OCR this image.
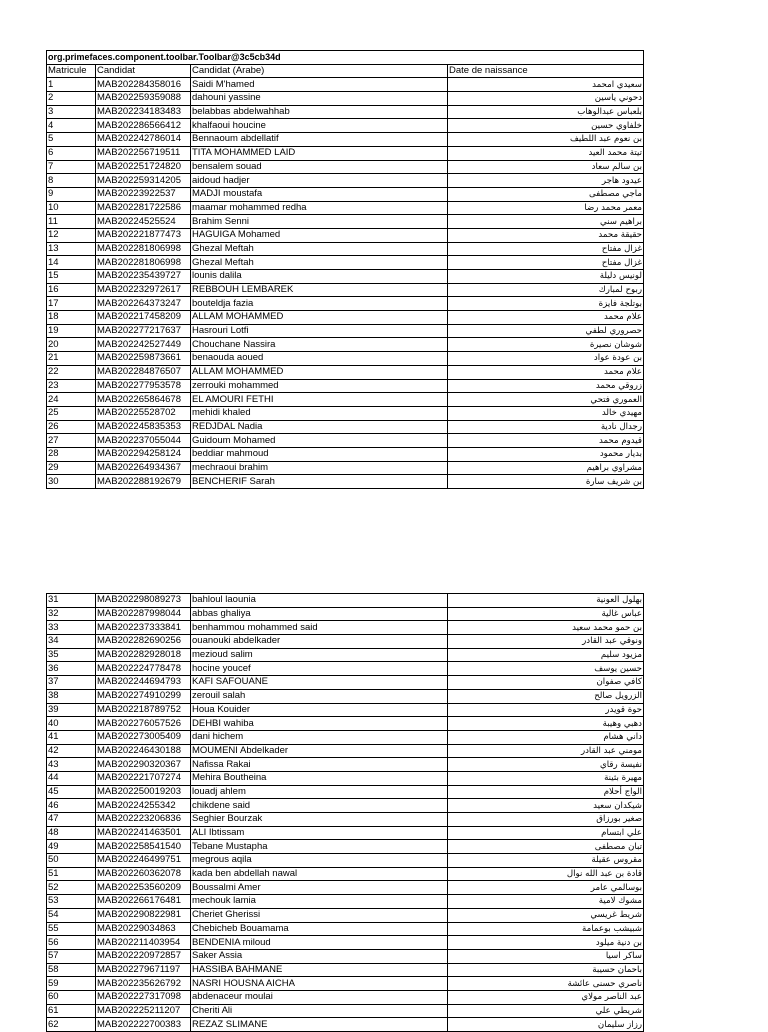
org.primefaces.component.toolbar.Toolbar@3c5cb34d			
Matricule	Candidat	Candidat (Arabe)	Date de naissance
1	MAB202284358016	Saidi M'hamed	سعيدي امحمد
2	MAB202259359088	dahouni yassine	دحوني ياسين
3	MAB202234183483	belabbas abdelwahhab	بلعباس عبدالوهاب
4	MAB202286566412	khalfaoui houcine	خلفاوي حسين
5	MAB202242786014	Bennaoum abdellatif	بن نعوم عبد اللطيف
6	MAB202256719511	TITA MOHAMMED LAID	تيتة محمد العيد
7	MAB202251724820	bensalem souad	بن سالم سعاد
8	MAB202259314205	aidoud hadjer	عيدود هاجر
9	MAB20223922537	MADJI moustafa	ماجي مصطفى
10	MAB202281722586	maamar mohammed redha	معمر محمد رضا
11	MAB20224525524	Brahim Senni	براهيم سني
12	MAB202221877473	HAGUIGA Mohamed	حقيقة محمد
13	MAB202281806998	Ghezal Meftah	غزال مفتاح
14	MAB202281806998	Ghezal Meftah	غزال مفتاح
15	MAB202235439727	lounis dalila	لونيس دليلة
16	MAB202232972617	REBBOUH LEMBAREK	ربوح لمبارك
17	MAB202264373247	bouteldja fazia	بوتلجة فايزة
18	MAB202217458209	ALLAM MOHAMMED	علام محمد
19	MAB202277217637	Hasrouri Lotfi	حصروري لطفي
20	MAB202242527449	Chouchane Nassira	شوشان نصيرة
21	MAB202259873661	benaouda aoued	بن عودة عواد
22	MAB202284876507	ALLAM MOHAMMED	علام محمد
23	MAB202277953578	zerrouki mohammed	زروقي محمد
24	MAB202265864678	EL AMOURI FETHI	العموري فتحي
25	MAB20225528702	mehidi khaled	مهيدي خالد
26	MAB202245835353	REDJDAL Nadia	رجدال نادية
27	MAB202237055044	Guidoum Mohamed	قيدوم محمد
28	MAB202294258124	beddiar mahmoud	بديار محمود
29	MAB202264934367	mechraoui brahim	مشراوي براهيم
30	MAB202288192679	BENCHERIF Sarah	بن شريف سارة
31	MAB202298089273	bahloul laounia	بهلول العونية
32	MAB202287998044	abbas ghaliya	عباس غالية
33	MAB202237333841	benhammou mohammed said	بن حمو محمد سعيد
34	MAB202282690256	ouanouki abdelkader	ونوقي عبد القادر
35	MAB202282928018	mezioud salim	مزيود سليم
36	MAB202224778478	hocine youcef	حسين يوسف
37	MAB202244694793	KAFI SAFOUANE	كافي صفوان
38	MAB202274910299	zerouil salah	الزرويل صالح
39	MAB202218789752	Houa Kouider	حوة قويدر
40	MAB202276057526	DEHBI wahiba	دهبي وهيبة
41	MAB202273005409	dani hichem	داني هشام
42	MAB202246430188	MOUMENI Abdelkader	مومني عبد القادر
43	MAB202290320367	Nafissa Rakai	نفيسة رقاي
44	MAB202221707274	Mehira Boutheina	مهيرة بثينة
45	MAB202250019203	louadj ahlem	الواج أحلام
46	MAB20224255342	chikdene said	شيكدان سعيد
47	MAB202223206836	Seghier Bourzak	صغير بورزاق
48	MAB202241463501	ALI Ibtissam	علي ابتسام
49	MAB202258541540	Tebane Mustapha	تبان مصطفى
50	MAB202246499751	megrous aqila	مقروس عقيلة
51	MAB202260362078	kada ben abdellah nawal	قادة بن عبد الله نوال
52	MAB202253560209	Boussalmi Amer	بوسالمي عامر
53	MAB202266176481	mechouk lamia	مشوك لامية
54	MAB202290822981	Cheriet Gherissi	شريط غريسي
55	MAB20229034863	Chebicheb Bouamama	شبيشب بوعمامة
56	MAB202211403954	BENDENIA miloud	بن دنية ميلود
57	MAB202220972857	Saker Assia	ساكر اسيا
58	MAB202279671197	HASSIBA BAHMANE	باحمان حسيبة
59	MAB202235626792	NASRI HOUSNA AICHA	ناصري حسنى عائشة
60	MAB202227317098	abdenaceur moulai	عبد الناصر مولاي
61	MAB202225211207	Cheriti Ali	شريطي علي
62	MAB202222700383	REZAZ SLIMANE	رزاز سليمان
